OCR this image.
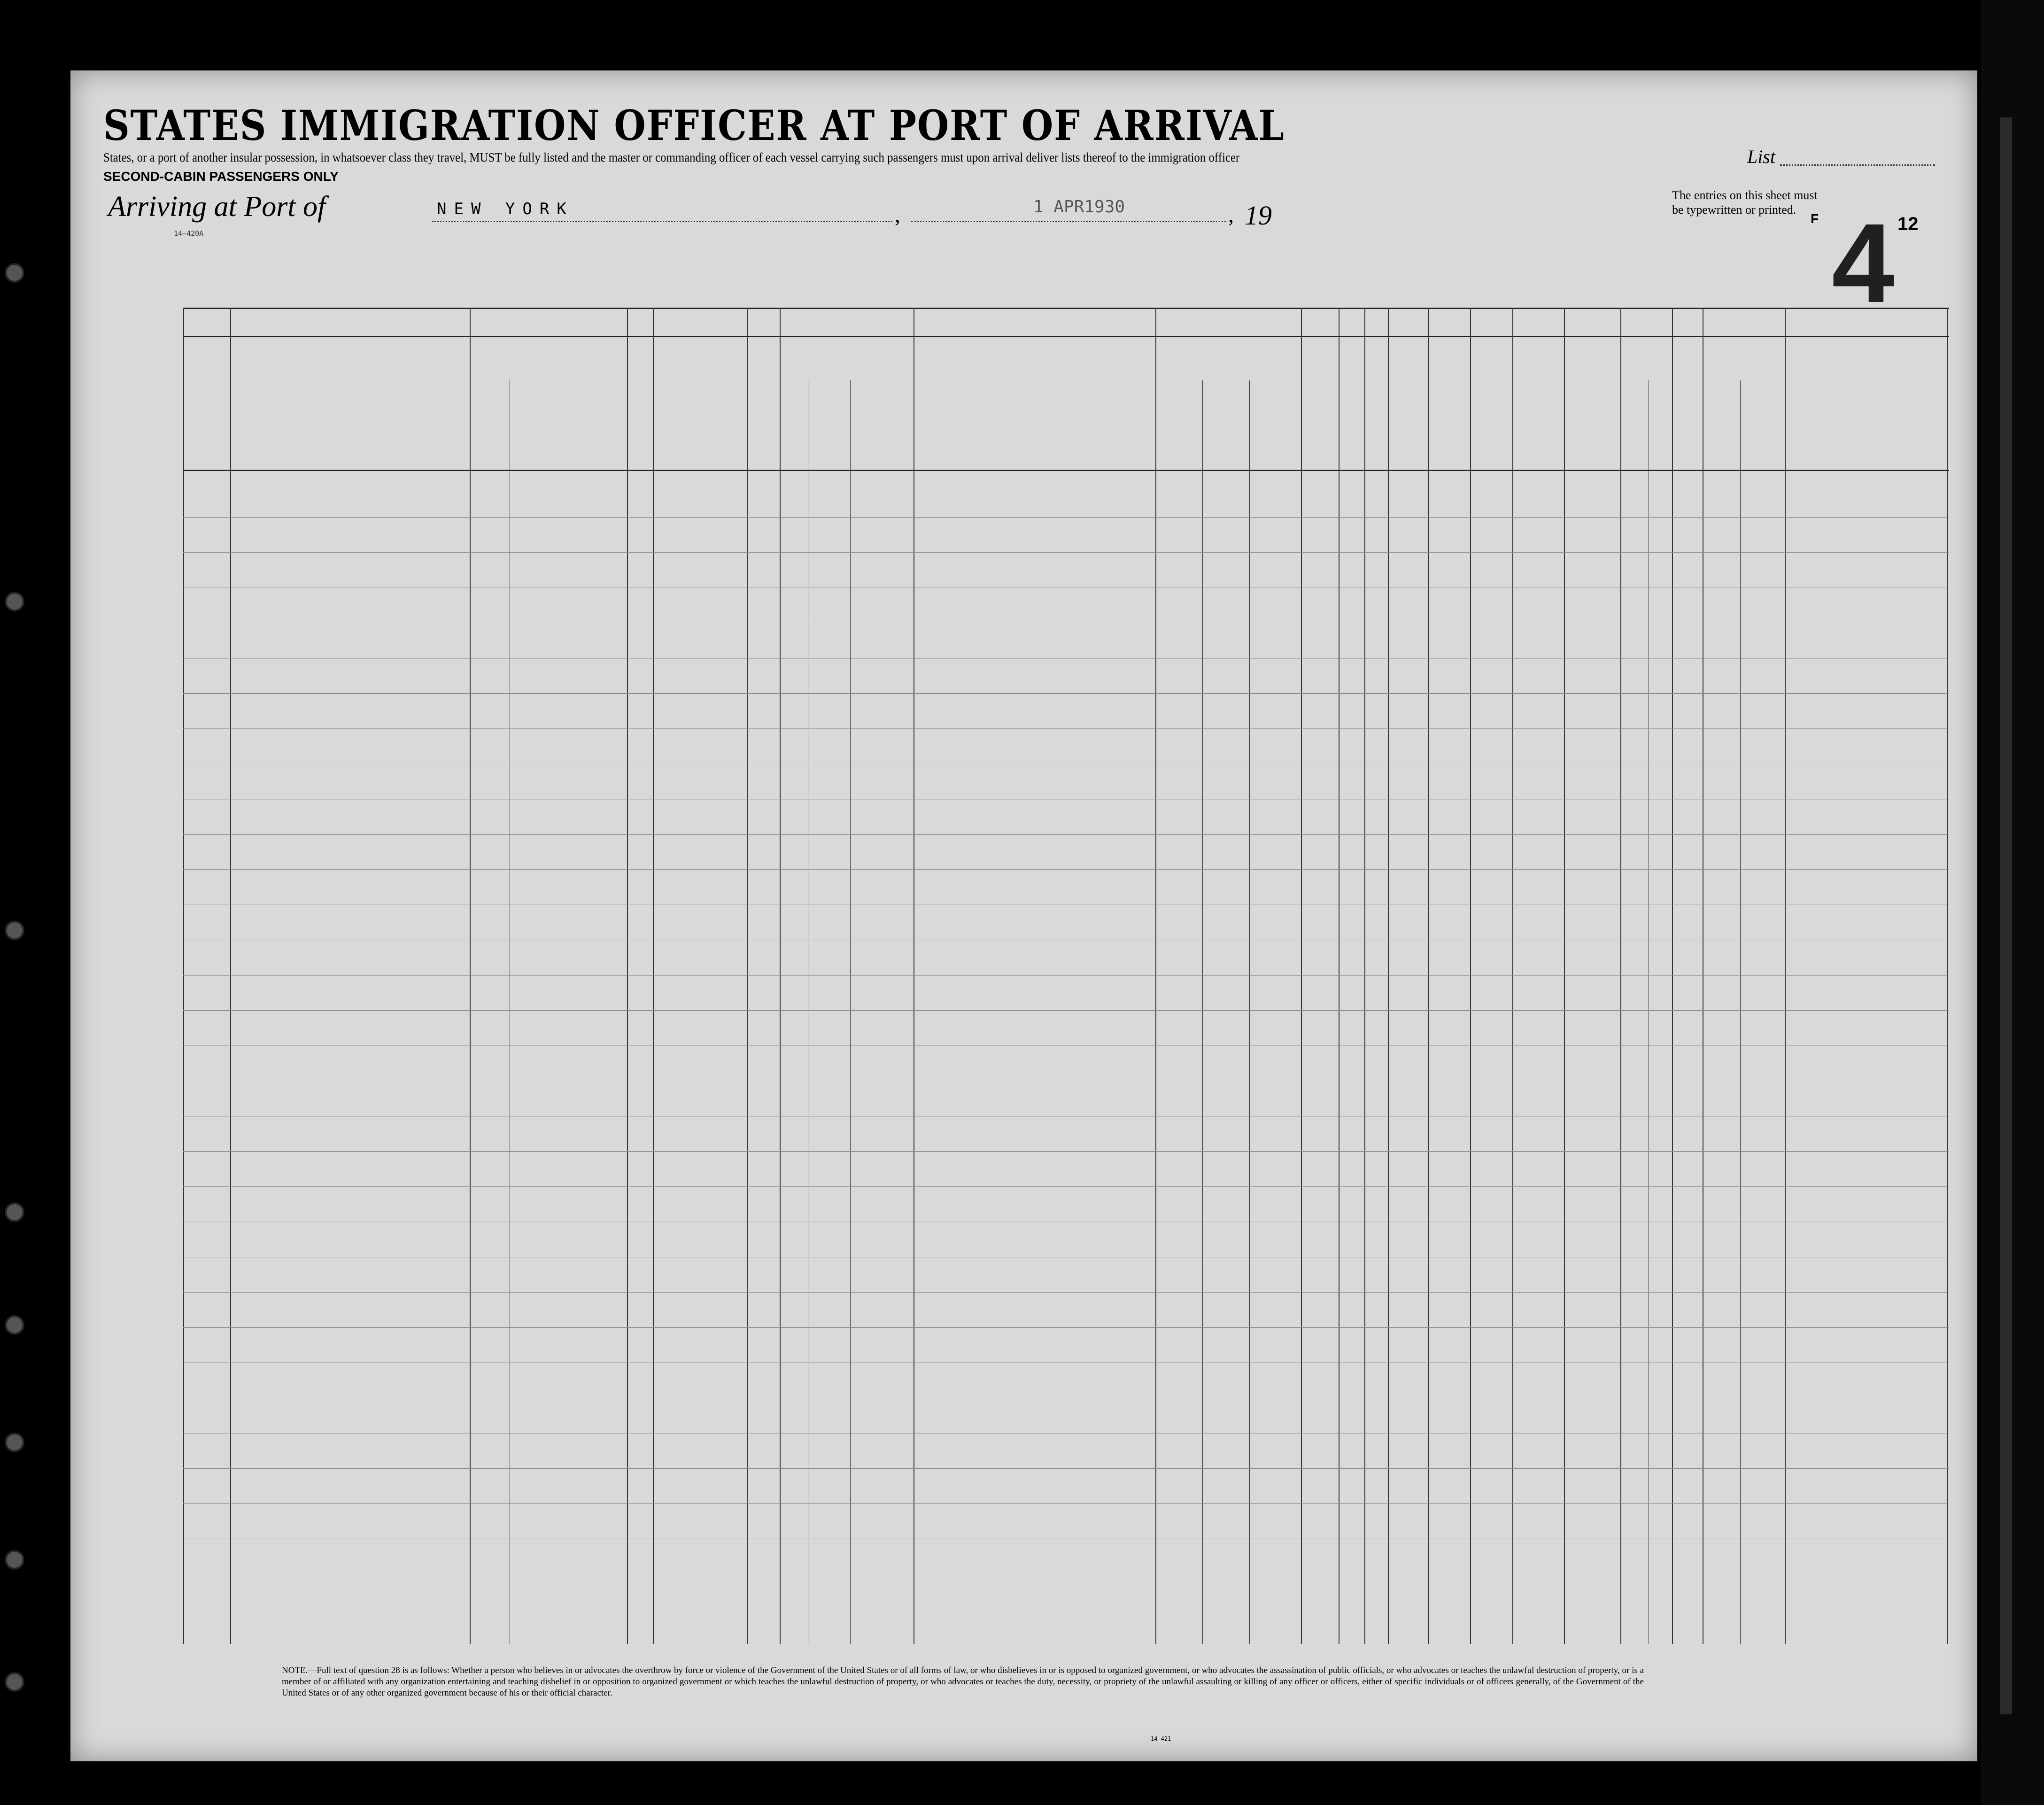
STATES IMMIGRATION OFFICER AT PORT OF ARRIVAL
States, or a port of another insular possession, in whatsoever class they travel, MUST be fully listed and the master or commanding officer of each vessel carrying such passengers must upon arrival deliver lists thereof to the immigration officer
SECOND-CABIN PASSENGERS ONLY
Arriving at Port of	NEW YORK	,	1 APR1930	, 19
14–420A
List
The entries on this sheet must
be typewritten or printed.
F 4 12
NOTE.—Full text of question 28 is as follows: Whether a person who believes in or advocates the overthrow by force or violence of the Government of the United States or of all forms of law, or who disbelieves in or is opposed to organized government, or who advocates the assassination of public officials, or who advocates or teaches the unlawful destruction of property, or is a member of or affiliated with any organization entertaining and teaching disbelief in or opposition to organized government or which teaches the unlawful destruction of property, or who advocates or teaches the duty, necessity, or propriety of the unlawful assaulting or killing of any officer or officers, either of specific individuals or of officers generally, of the Government of the United States or of any other organized government because of his or their official character.
14—421
